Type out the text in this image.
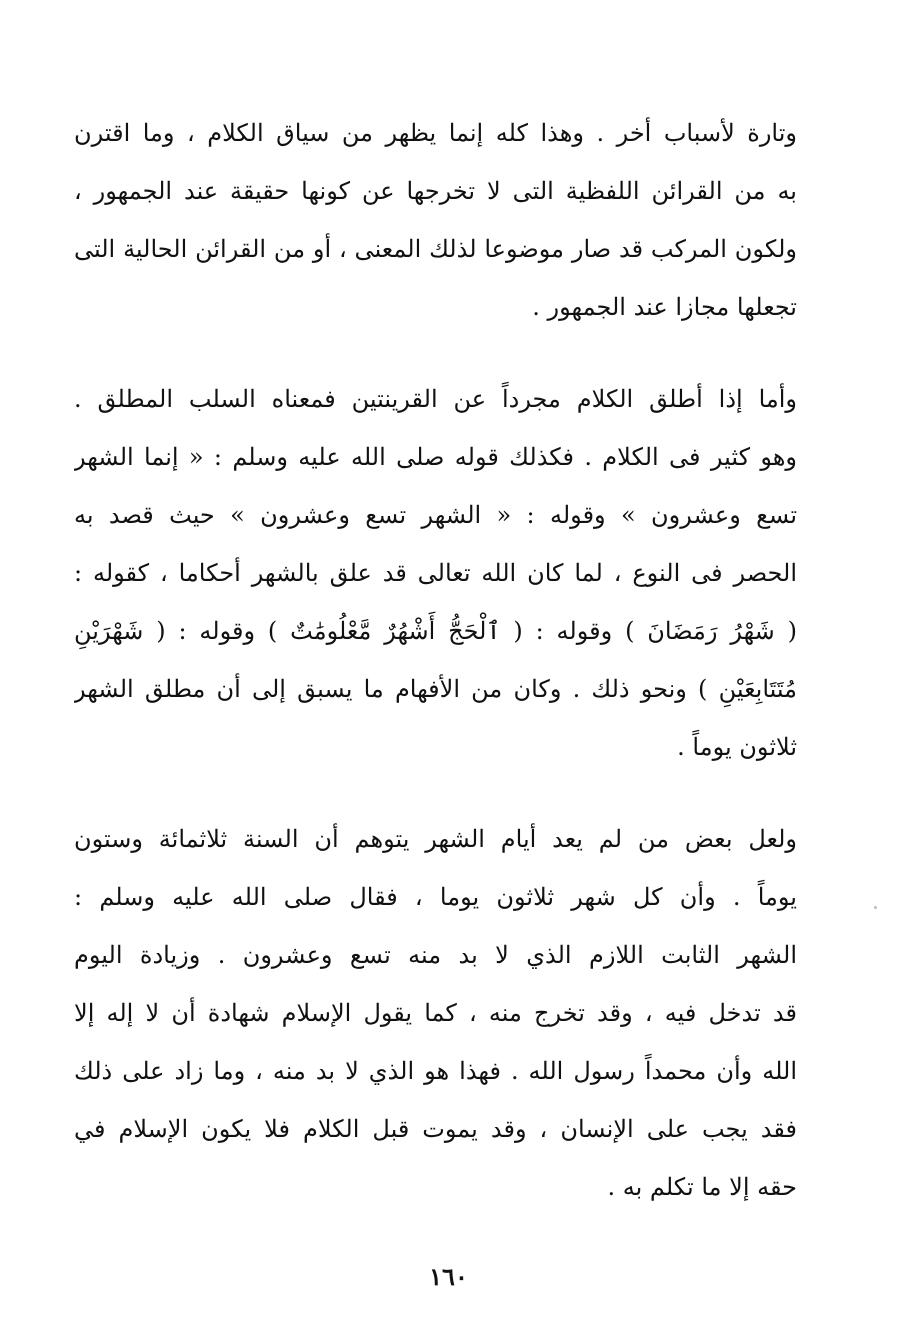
وتارة لأسباب أخر . وهذا كله إنما يظهر من سياق الكلام ، وما اقترن
به من القرائن اللفظية التى لا تخرجها عن كونها حقيقة عند الجمهور ،
ولكون المركب قد صار موضوعا لذلك المعنى ، أو من القرائن الحالية التى
تجعلها مجازا عند الجمهور .

وأما إذا أطلق الكلام مجرداً عن القرينتين فمعناه السلب المطلق .
وهو كثير فى الكلام . فكذلك قوله صلى الله عليه وسلم : « إنما الشهر
تسع وعشرون » وقوله : « الشهر تسع وعشرون » حيث قصد به
الحصر فى النوع ، لما كان الله تعالى قد علق بالشهر أحكاما ، كقوله :
( شَهْرُ رَمَضَانَ ) وقوله : ( ٱلْحَجُّ أَشْهُرٌ مَّعْلُومَٰتٌ ) وقوله : ( شَهْرَيْنِ
مُتَتَابِعَيْنِ ) ونحو ذلك . وكان من الأفهام ما يسبق إلى أن مطلق الشهر
ثلاثون يوماً .

ولعل بعض من لم يعد أيام الشهر يتوهم أن السنة ثلاثمائة وستون
يوماً . وأن كل شهر ثلاثون يوما ، فقال صلى الله عليه وسلم :
الشهر الثابت اللازم الذي لا بد منه تسع وعشرون . وزيادة اليوم
قد تدخل فيه ، وقد تخرج منه ، كما يقول الإسلام شهادة أن لا إله إلا
الله وأن محمداً رسول الله . فهذا هو الذي لا بد منه ، وما زاد على ذلك
فقد يجب على الإنسان ، وقد يموت قبل الكلام فلا يكون الإسلام في
حقه إلا ما تكلم به .

١٦٠
